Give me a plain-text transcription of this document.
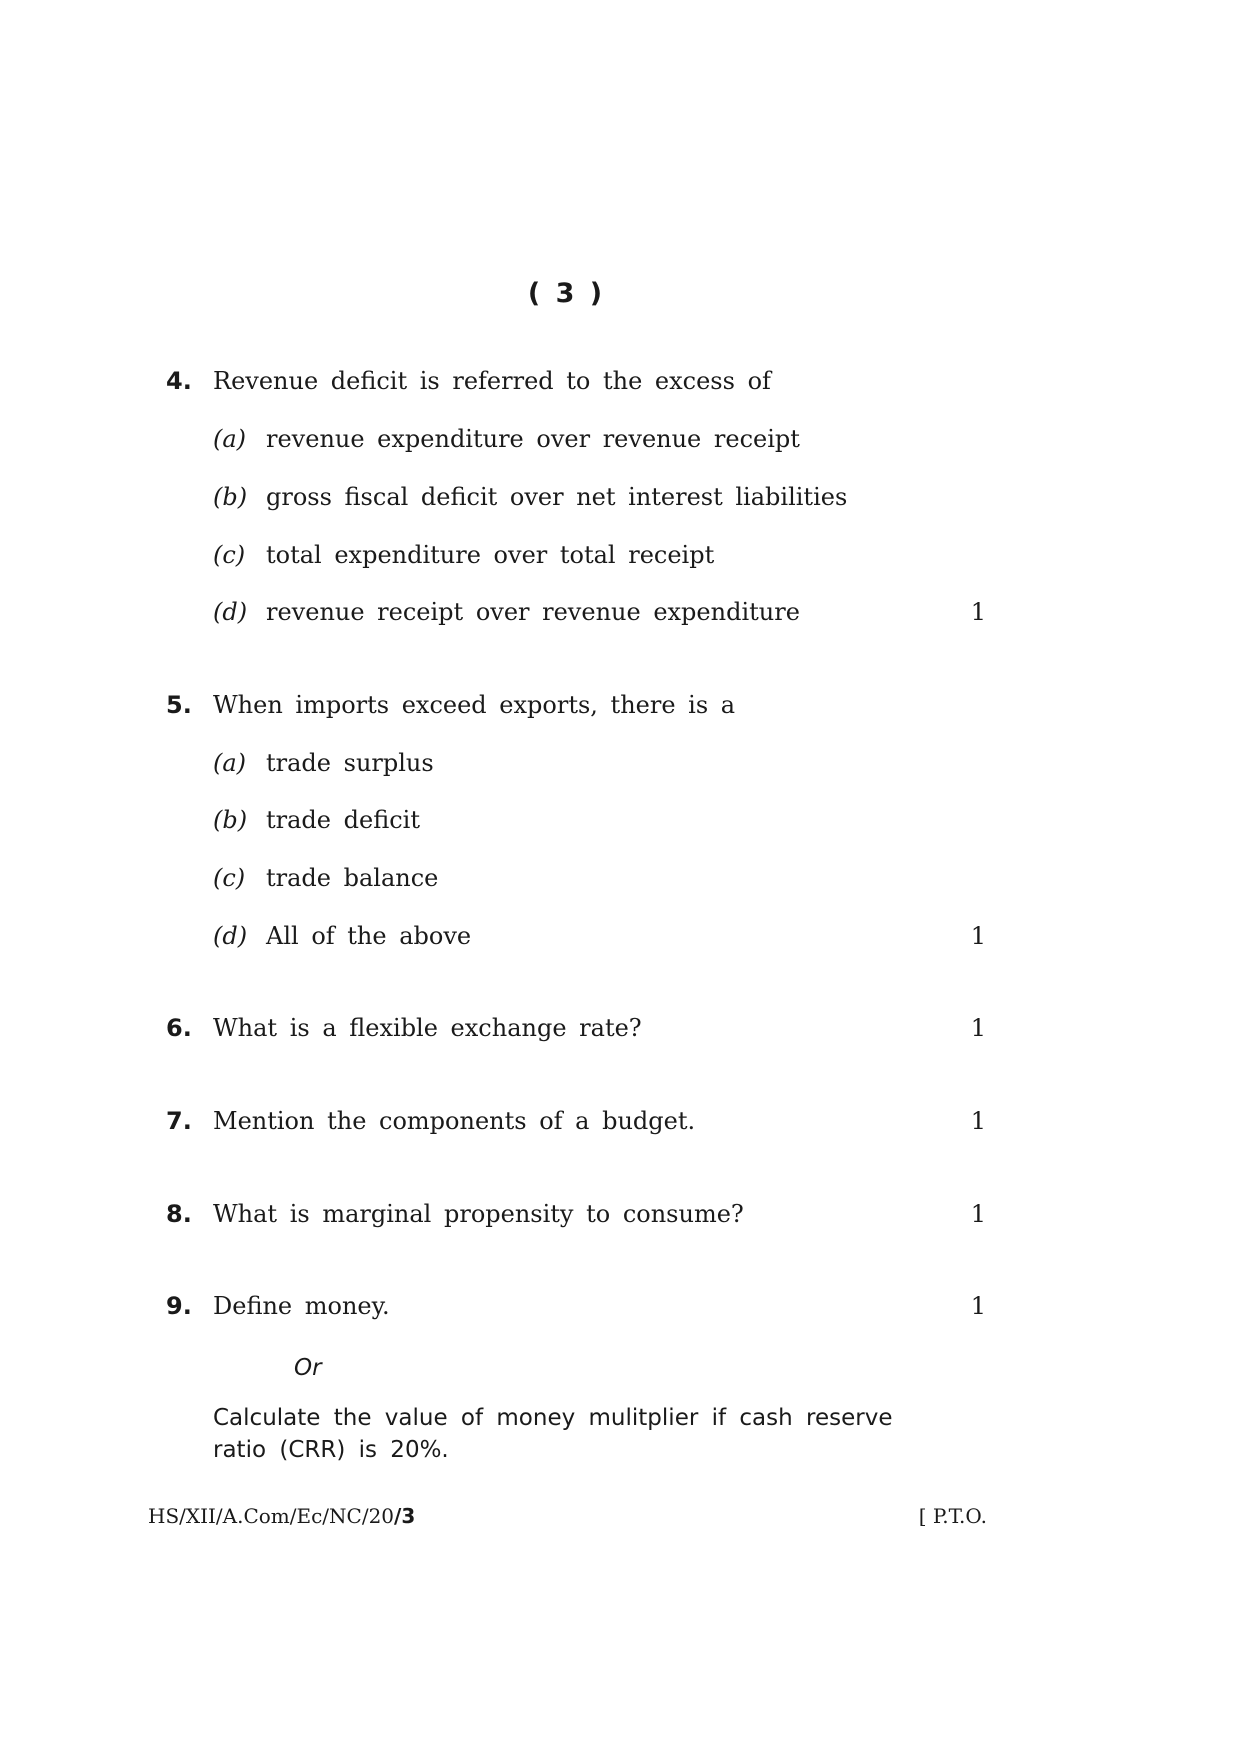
( 3 )
4. Revenue deficit is referred to the excess of
(a) revenue expenditure over revenue receipt
(b) gross fiscal deficit over net interest liabilities
(c) total expenditure over total receipt
(d) revenue receipt over revenue expenditure	1
5. When imports exceed exports, there is a
(a) trade surplus
(b) trade deficit
(c) trade balance
(d) All of the above	1
6. What is a flexible exchange rate?	1
7. Mention the components of a budget.	1
8. What is marginal propensity to consume?	1
9. Define money.	1
Or
Calculate the value of money mulitplier if cash reserve ratio (CRR) is 20%.
HS/XII/A.Com/Ec/NC/20/3	[ P.T.O.
